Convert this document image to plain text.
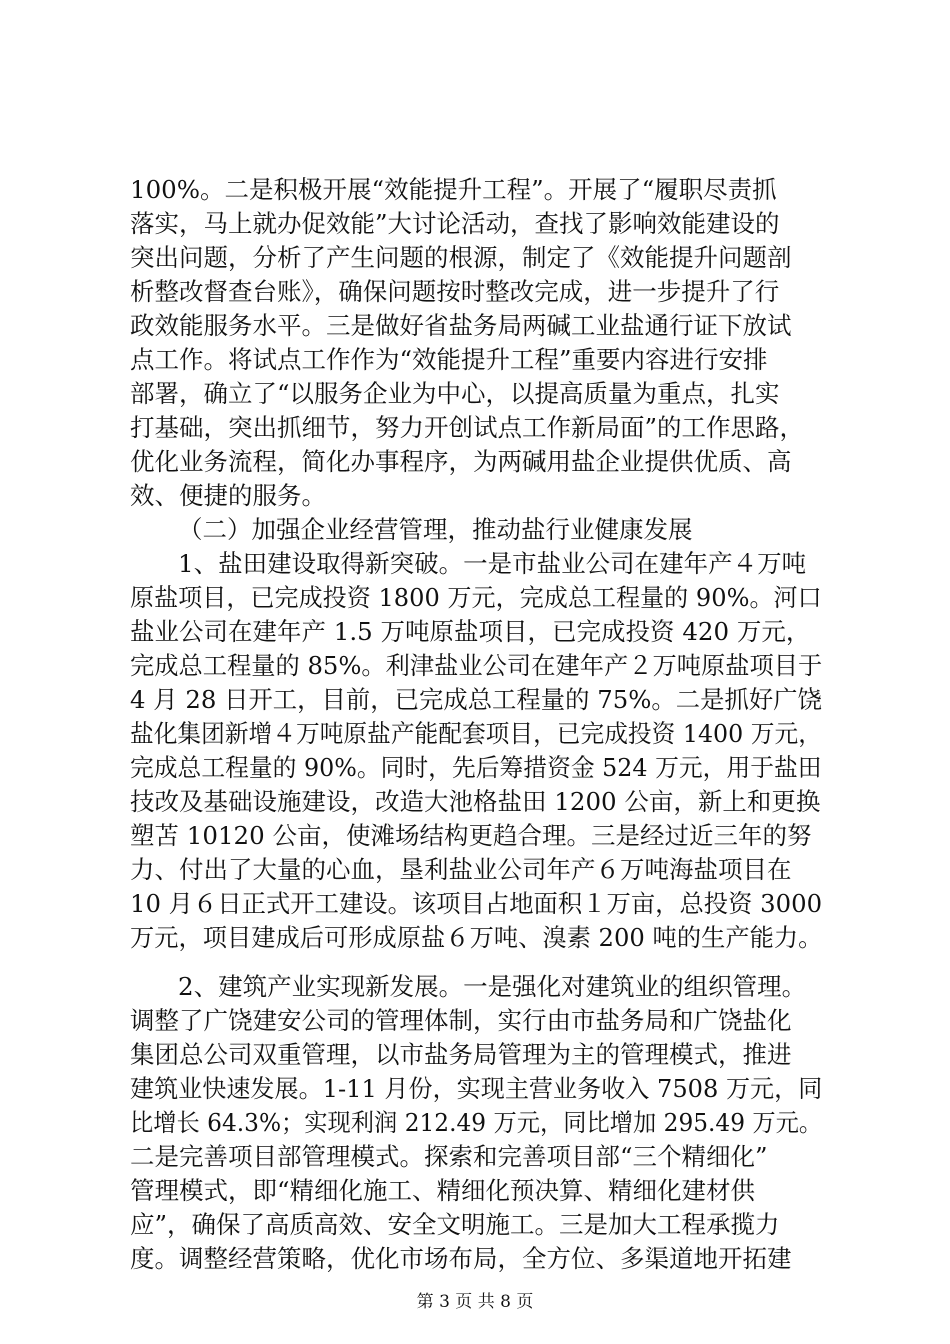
100%。二是积极开展“效能提升工程”。开展了“履职尽责抓
落实，马上就办促效能”大讨论活动，查找了影响效能建设的
突出问题，分析了产生问题的根源，制定了《效能提升问题剖
析整改督查台账》，确保问题按时整改完成，进一步提升了行
政效能服务水平。三是做好省盐务局两碱工业盐通行证下放试
点工作。将试点工作作为“效能提升工程”重要内容进行安排
部署，确立了“以服务企业为中心，以提高质量为重点，扎实
打基础，突出抓细节，努力开创试点工作新局面”的工作思路，
优化业务流程，简化办事程序，为两碱用盐企业提供优质、高
效、便捷的服务。
（二）加强企业经营管理，推动盐行业健康发展
1、盐田建设取得新突破。一是市盐业公司在建年产４万吨
原盐项目，已完成投资 1800 万元，完成总工程量的 90%。河口
盐业公司在建年产 1.5 万吨原盐项目，已完成投资 420 万元，
完成总工程量的 85%。利津盐业公司在建年产２万吨原盐项目于
4 月 28 日开工，目前，已完成总工程量的 75%。二是抓好广饶
盐化集团新增４万吨原盐产能配套项目，已完成投资 1400 万元，
完成总工程量的 90%。同时，先后筹措资金 524 万元，用于盐田
技改及基础设施建设，改造大池格盐田 1200 公亩，新上和更换
塑苫 10120 公亩，使滩场结构更趋合理。三是经过近三年的努
力、付出了大量的心血，垦利盐业公司年产６万吨海盐项目在
10 月６日正式开工建设。该项目占地面积１万亩，总投资 3000
万元，项目建成后可形成原盐６万吨、溴素 200 吨的生产能力。
2、建筑产业实现新发展。一是强化对建筑业的组织管理。
调整了广饶建安公司的管理体制，实行由市盐务局和广饶盐化
集团总公司双重管理，以市盐务局管理为主的管理模式，推进
建筑业快速发展。1-11 月份，实现主营业务收入 7508 万元，同
比增长 64.3%；实现利润 212.49 万元，同比增加 295.49 万元。
二是完善项目部管理模式。探索和完善项目部“三个精细化”
管理模式，即“精细化施工、精细化预决算、精细化建材供
应”，确保了高质高效、安全文明施工。三是加大工程承揽力
度。调整经营策略，优化市场布局，全方位、多渠道地开拓建
第 3 页 共 8 页
